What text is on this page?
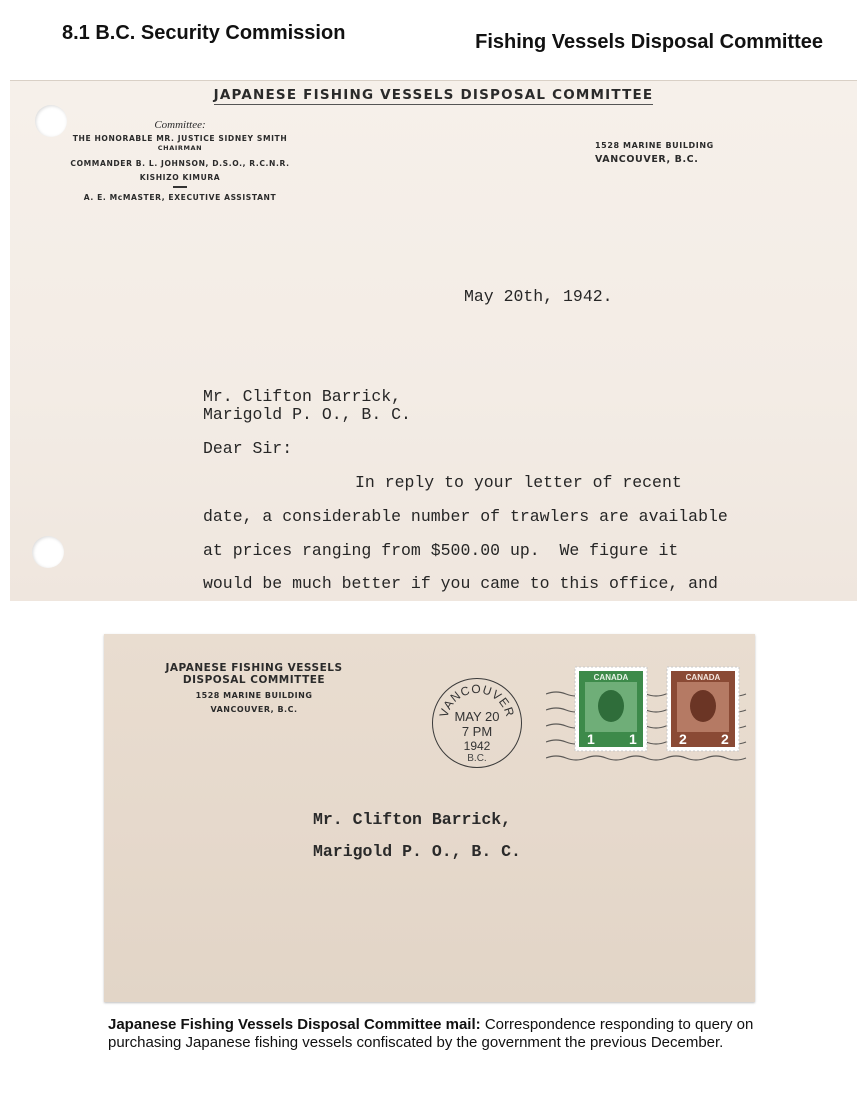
8.1 B.C. Security Commission	Fishing Vessels Disposal Committee
JAPANESE FISHING VESSELS DISPOSAL COMMITTEE
Committee:
THE HONORABLE MR. JUSTICE SIDNEY SMITH
CHAIRMAN
COMMANDER B. L. JOHNSON, D.S.O., R.C.N.R.
KISHIZO KIMURA
A. E. McMASTER, EXECUTIVE ASSISTANT
1528 MARINE BUILDING
VANCOUVER, B.C.
May 20th, 1942.
Mr. Clifton Barrick,
Marigold P. O., B. C.
Dear Sir:
In reply to your letter of recent
date, a considerable number of trawlers are available
at prices ranging from $500.00 up.  We figure it
would be much better if you came to this office, and
JAPANESE FISHING VESSELS
DISPOSAL COMMITTEE
1528 MARINE BUILDING
VANCOUVER, B.C.	VANCOUVER
MAY 20
7 PM
1942
B.C.
CANADA
1 1
CANADA
2 2
Mr. Clifton Barrick,
Marigold P. O., B. C.
Japanese Fishing Vessels Disposal Committee mail: Correspondence responding to query on purchasing Japanese fishing vessels confiscated by the government the previous December.
